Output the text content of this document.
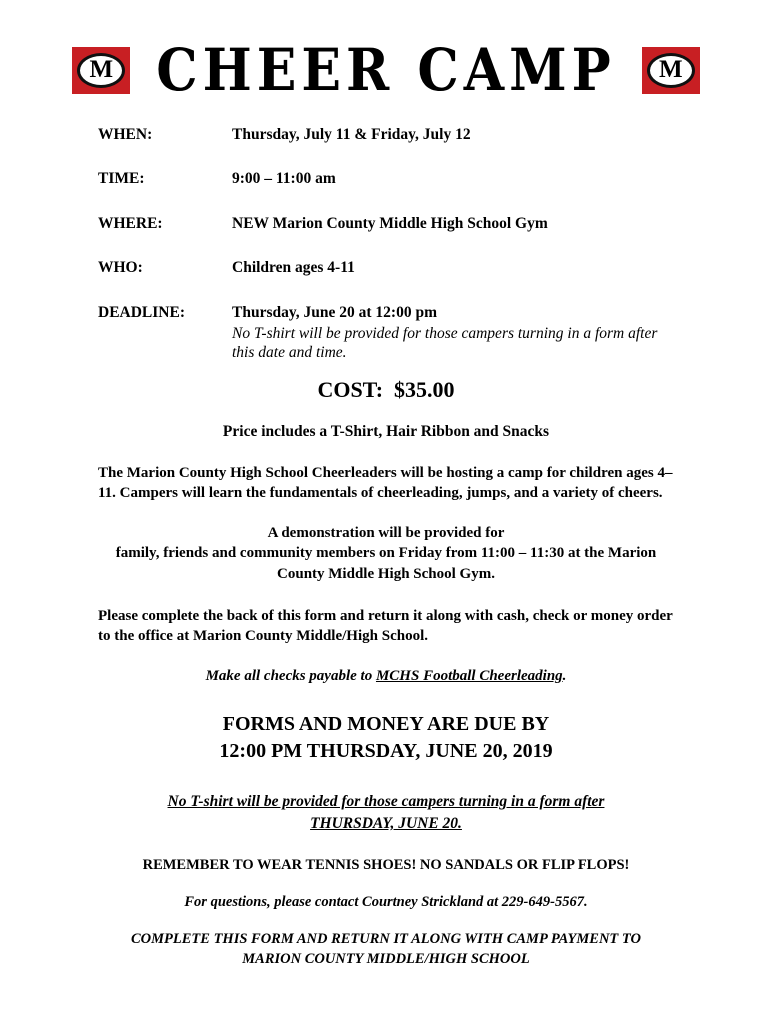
M CHEER CAMP M
WHEN:	Thursday, July 11 & Friday, July 12
TIME:	9:00 – 11:00 am
WHERE:	NEW Marion County Middle High School Gym
WHO:	Children ages 4-11
DEADLINE:	Thursday, June 20 at 12:00 pm
No T-shirt will be provided for those campers turning in a form after this date and time.
COST:  $35.00
Price includes a T-Shirt, Hair Ribbon and Snacks
The Marion County High School Cheerleaders will be hosting a camp for children ages 4– 11. Campers will learn the fundamentals of cheerleading, jumps, and a variety of cheers.
A demonstration will be provided for
family, friends and community members on Friday from 11:00 – 11:30 at the Marion County Middle High School Gym.
Please complete the back of this form and return it along with cash, check or money order to the office at Marion County Middle/High School.
Make all checks payable to MCHS Football Cheerleading.
FORMS AND MONEY ARE DUE BY
12:00 PM THURSDAY, JUNE 20, 2019
No T-shirt will be provided for those campers turning in a form after
THURSDAY, JUNE 20.
REMEMBER TO WEAR TENNIS SHOES! NO SANDALS OR FLIP FLOPS!
For questions, please contact Courtney Strickland at 229-649-5567.
COMPLETE THIS FORM AND RETURN IT ALONG WITH CAMP PAYMENT TO
MARION COUNTY MIDDLE/HIGH SCHOOL
